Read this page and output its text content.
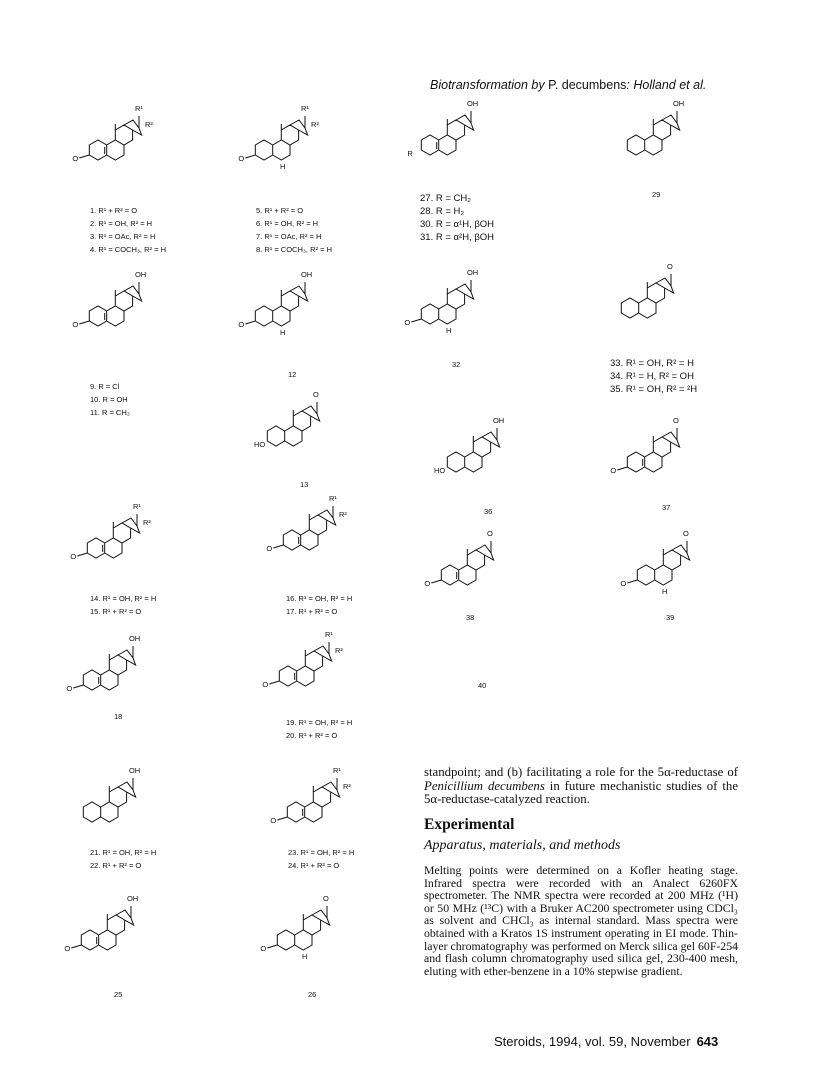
Biotransformation by P. decumbens: Holland et al.
R¹
R²
O
R¹
R²
O
H
OH
R
OH
OH
O
OH
O
H
OH
O
H
O
O
HO
OH
HO
O
O
R¹
R²
O
R¹
R²
O
O
O
O
O
H
OH
O
R¹
R²
O
OH	R¹
R²
O
OH
O
O
O
H
1. R¹ + R² = O
2. R¹ = OH, R² = H
3. R¹ = OAc, R² = H
4. R¹ = COCH₃, R² = H
5. R¹ + R² = O
6. R¹ = OH, R² = H
7. R¹ = OAc, R² = H
8. R¹ = COCH₃, R² = H
27. R = CH₂
28. R = H₂
30. R = α¹H, βOH
31. R = α²H, βOH
29
9. R = Cl
10. R = OH
11. R = CH₃
12
32	33. R¹ = OH, R² = H
34. R¹ = H, R² = OH
35. R¹ = OH, R² = ²H
13
36	37
14. R¹ = OH, R² = H
15. R¹ + R² = O
16. R¹ = OH, R² = H
17. R¹ + R² = O
38	39
40
18
19. R¹ = OH, R² = H
20. R¹ + R² = O
21. R¹ = OH, R² = H
22. R¹ + R² = O
23. R¹ = OH, R² = H
24. R¹ + R² = O
25	26
standpoint; and (b) facilitating a role for the 5α-reductase of Penicillium decumbens in future mechanistic studies of the 5α-reductase-catalyzed reaction.
Experimental
Apparatus, materials, and methods
Melting points were determined on a Kofler heating stage. Infrared spectra were recorded with an Analect 6260FX spectrometer. The NMR spectra were recorded at 200 MHz (¹H) or 50 MHz (¹³C) with a Bruker AC200 spectrometer using CDCl₃ as solvent and CHCl₃ as internal standard. Mass spectra were obtained with a Kratos 1S instrument operating in EI mode. Thin-layer chromatography was performed on Merck silica gel 60F-254 and flash column chromatography used silica gel, 230-400 mesh, eluting with ether-benzene in a 10% stepwise gradient.
Steroids, 1994, vol. 59, November 643
